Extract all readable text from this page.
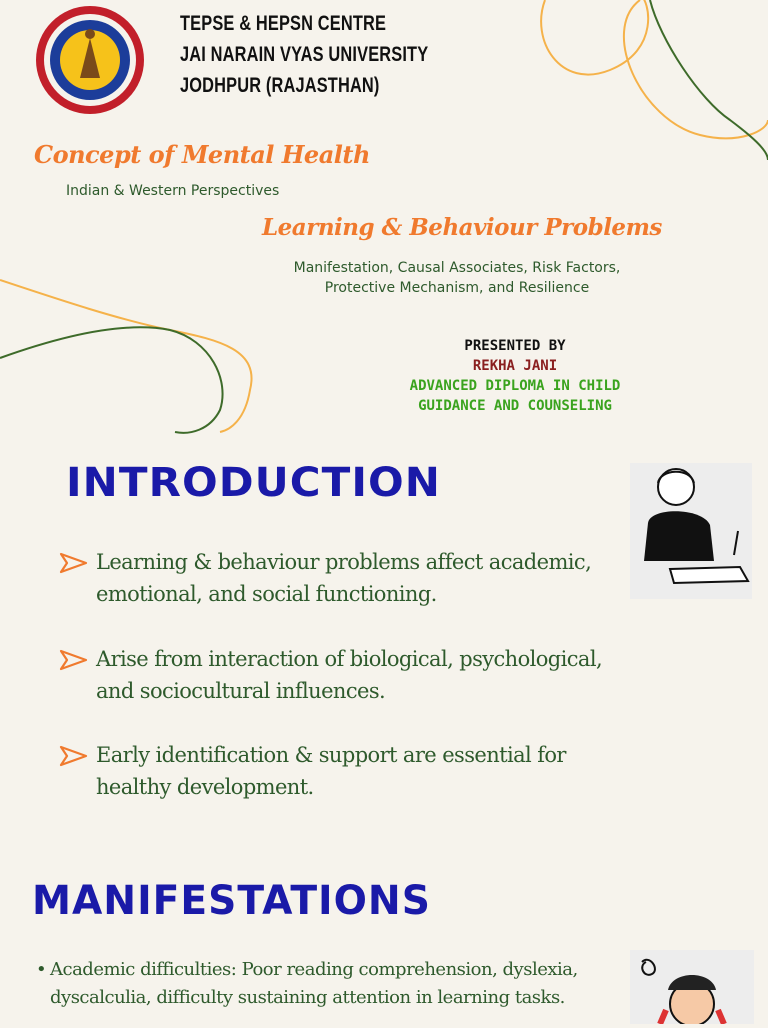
TEPSE & HEPSN CENTRE
JAI NARAIN VYAS UNIVERSITY
JODHPUR (RAJASTHAN)
Concept of Mental Health
Indian & Western Perspectives
Learning & Behaviour Problems
Manifestation, Causal Associates, Risk Factors,
Protective Mechanism, and Resilience
PRESENTED BY
REKHA JANI
ADVANCED DIPLOMA IN CHILD
GUIDANCE AND COUNSELING
INTRODUCTION
Learning & behaviour problems affect academic, emotional, and social functioning.
Arise from interaction of biological, psychological, and sociocultural influences.
Early identification & support are essential for healthy development.
MANIFESTATIONS
• Academic difficulties: Poor reading comprehension, dyslexia, dyscalculia, difficulty sustaining attention in learning tasks.
